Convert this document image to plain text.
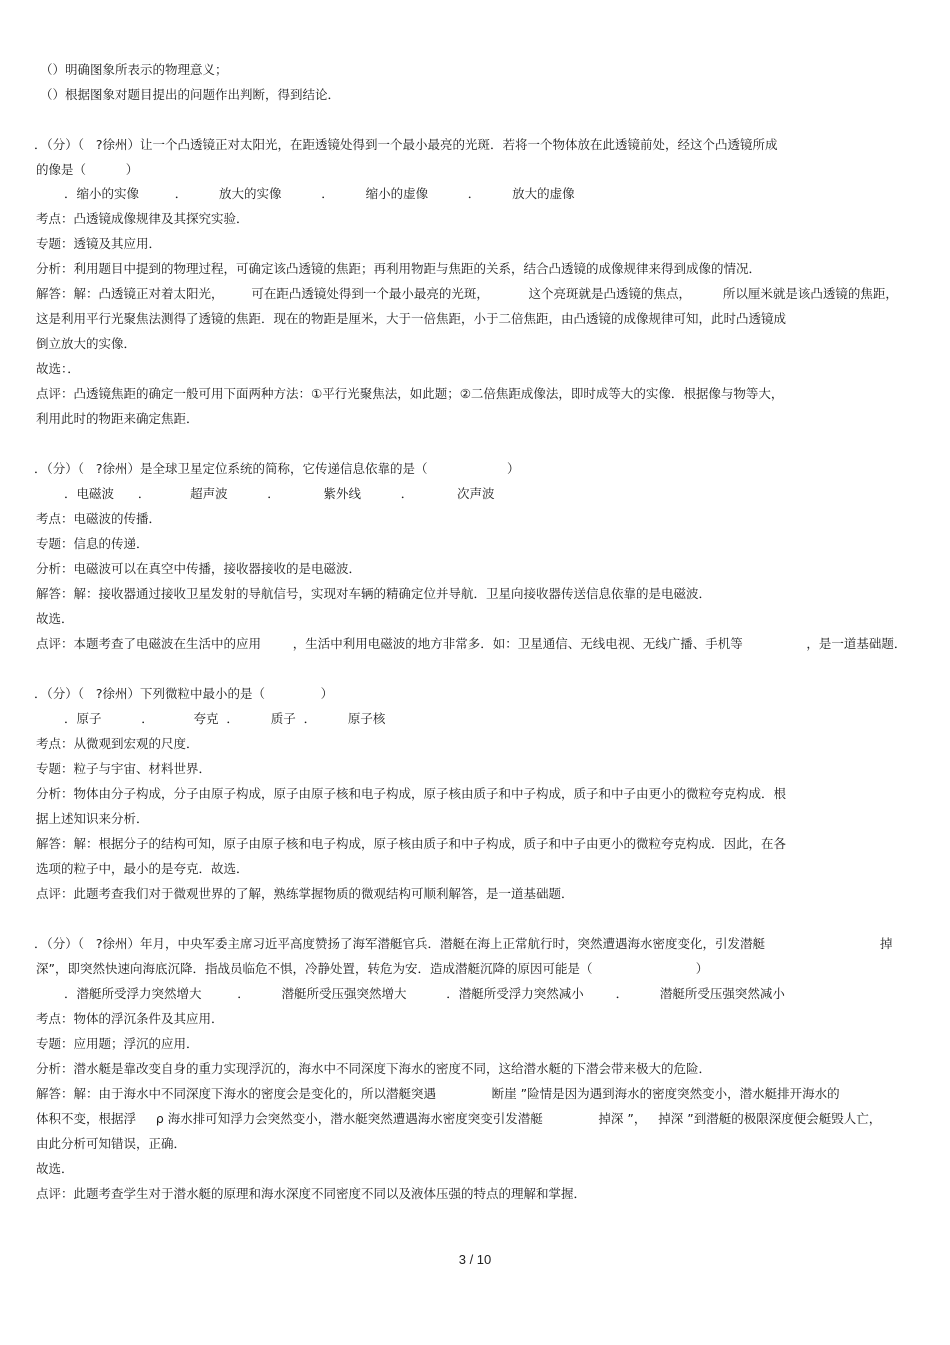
（）明确图象所表示的物理意义；
（）根据图象对题目提出的问题作出判断，得到结论．
．（分）（   ?徐州）让一个凸透镜正对太阳光，在距透镜处得到一个最小最亮的光斑．若将一个物体放在此透镜前处，经这个凸透镜所成
的像是（          ）
．缩小的实像         ．        放大的实像          ．        缩小的虚像          ．        放大的虚像
考点：凸透镜成像规律及其探究实验．
专题：透镜及其应用．
分析：利用题目中提到的物理过程，可确定该凸透镜的焦距；再利用物距与焦距的关系，结合凸透镜的成像规律来得到成像的情况．
解答：解：凸透镜正对着太阳光，       可在距凸透镜处得到一个最小最亮的光斑，          这个亮斑就是凸透镜的焦点，        所以厘米就是该凸透镜的焦距，
这是利用平行光聚焦法测得了透镜的焦距．现在的物距是厘米，大于一倍焦距，小于二倍焦距，由凸透镜的成像规律可知，此时凸透镜成
倒立放大的实像．
故选：．
点评：凸透镜焦距的确定一般可用下面两种方法：①平行光聚焦法，如此题；②二倍焦距成像法，即时成等大的实像．根据像与物等大，
利用此时的物距来确定焦距．
．（分）（   ?徐州）是全球卫星定位系统的简称，它传递信息依靠的是（                    ）
．电磁波      ．          超声波          ．           紫外线          ．           次声波
考点：电磁波的传播．
专题：信息的传递．
分析：电磁波可以在真空中传播，接收器接收的是电磁波．
解答：解：接收器通过接收卫星发射的导航信号，实现对车辆的精确定位并导航．卫星向接收器传送信息依靠的是电磁波．
故选．
点评：本题考查了电磁波在生活中的应用        ，生活中利用电磁波的地方非常多．如：卫星通信、无线电视、无线广播、手机等                ，是一道基础题．
．（分）（   ?徐州）下列微粒中最小的是（              ）
．原子          ．          夸克  ．        质子  ．        原子核
考点：从微观到宏观的尺度．
专题：粒子与宇宙、材料世界．
分析：物体由分子构成，分子由原子构成，原子由原子核和电子构成，原子核由质子和中子构成，质子和中子由更小的微粒夸克构成．根
据上述知识来分析．
解答：解：根据分子的结构可知，原子由原子核和电子构成，原子核由质子和中子构成，质子和中子由更小的微粒夸克构成．因此，在各
选项的粒子中，最小的是夸克．故选．
点评：此题考查我们对于微观世界的了解，熟练掌握物质的微观结构可顺利解答，是一道基础题．
．（分）（   ?徐州）年月，中央军委主席习近平高度赞扬了海军潜艇官兵．潜艇在海上正常航行时，突然遭遇海水密度变化，引发潜艇	掉
深”，即突然快速向海底沉降．指战员临危不惧，冷静处置，转危为安．造成潜艇沉降的原因可能是（                          ）
．潜艇所受浮力突然增大         ．        潜艇所受压强突然增大          ．潜艇所受浮力突然减小        ．        潜艇所受压强突然减小
考点：物体的浮沉条件及其应用．
专题：应用题；浮沉的应用．
分析：潜水艇是靠改变自身的重力实现浮沉的，海水中不同深度下海水的密度不同，这给潜水艇的下潜会带来极大的危险．
解答：解：由于海水中不同深度下海水的密度会是变化的，所以潜艇突遇              断崖 ”险情是因为遇到海水的密度突然变小，潜水艇排开海水的
体积不变，根据浮     ρ 海水排可知浮力会突然变小，潜水艇突然遭遇海水密度突变引发潜艇              掉深 ”，   掉深 ”到潜艇的极限深度便会艇毁人亡，
由此分析可知错误，正确．
故选．
点评：此题考查学生对于潜水艇的原理和海水深度不同密度不同以及液体压强的特点的理解和掌握．
3 / 10
